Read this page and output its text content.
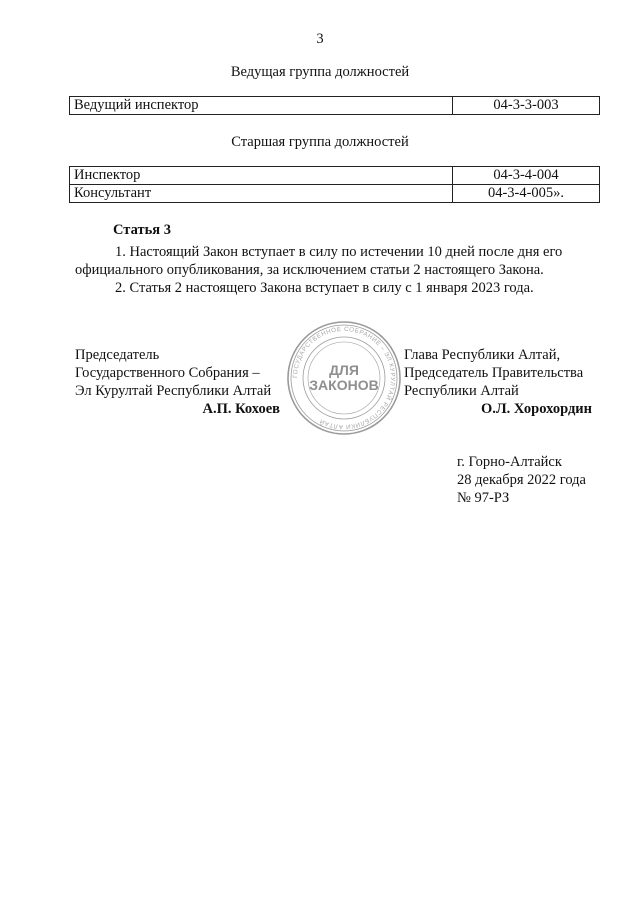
3
Ведущая группа должностей
Ведущий инспектор	04-3-3-003
Старшая группа должностей
Инспектор	04-3-4-004
Консультант	04-3-4-005».
Статья 3
1. Настоящий Закон вступает в силу по истечении 10 дней после дня его
официального опубликования, за исключением статьи 2 настоящего Закона.
2. Статья 2 настоящего Закона вступает в силу с 1 января 2023 года.
Председатель
Государственного Собрания –
Эл Курултай Республики Алтай
А.П. Кохоев
Глава Республики Алтай,
Председатель Правительства
Республики Алтай
О.Л. Хорохордин
ГОСУДАРСТВЕННОЕ СОБРАНИЕ – ЭЛ КУРУЛТАЙ РЕСПУБЛИКИ АЛТАЙ
ДЛЯ
ЗАКОНОВ
г. Горно-Алтайск
28 декабря 2022 года
№ 97-РЗ
